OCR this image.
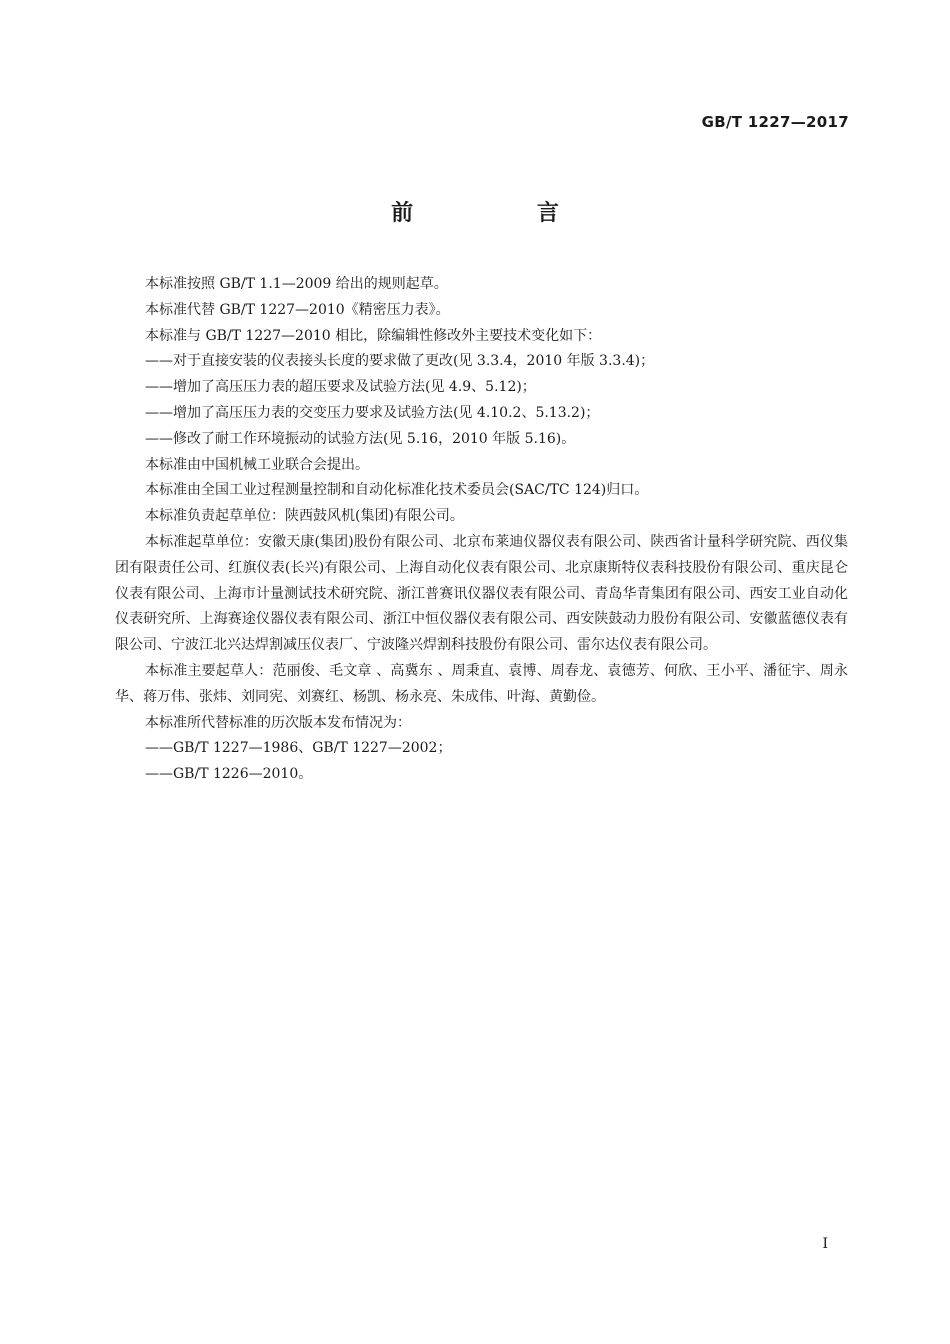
GB/T 1227—2017
前 言

本标准按照 GB/T 1.1—2009 给出的规则起草。

本标准代替 GB/T 1227—2010《精密压力表》。

本标准与 GB/T 1227—2010 相比，除编辑性修改外主要技术变化如下：

——对于直接安装的仪表接头长度的要求做了更改(见 3.3.4，2010 年版 3.3.4)；

——增加了高压压力表的超压要求及试验方法(见 4.9、5.12)；

——增加了高压压力表的交变压力要求及试验方法(见 4.10.2、5.13.2)；

——修改了耐工作环境振动的试验方法(见 5.16，2010 年版 5.16)。

本标准由中国机械工业联合会提出。

本标准由全国工业过程测量控制和自动化标准化技术委员会(SAC/TC 124)归口。

本标准负责起草单位：陕西鼓风机(集团)有限公司。

本标准起草单位：安徽天康(集团)股份有限公司、北京布莱迪仪器仪表有限公司、陕西省计量科学研究院、西仪集团有限责任公司、红旗仪表(长兴)有限公司、上海自动化仪表有限公司、北京康斯特仪表科技股份有限公司、重庆昆仑仪表有限公司、上海市计量测试技术研究院、浙江普赛讯仪器仪表有限公司、青岛华青集团有限公司、西安工业自动化仪表研究所、上海赛途仪器仪表有限公司、浙江中恒仪器仪表有限公司、西安陕鼓动力股份有限公司、安徽蓝德仪表有限公司、宁波江北兴达焊割减压仪表厂、宁波隆兴焊割科技股份有限公司、雷尔达仪表有限公司。

本标准主要起草人：范丽俊、毛文章 、高冀东 、周秉直、袁博、周春龙、袁德芳、何欣、王小平、潘征宇、周永华、蒋万伟、张炜、刘同宪、刘赛红、杨凯、杨永亮、朱成伟、叶海、黄勤俭。

本标准所代替标准的历次版本发布情况为：

——GB/T 1227—1986、GB/T 1227—2002；

——GB/T 1226—2010。

I
